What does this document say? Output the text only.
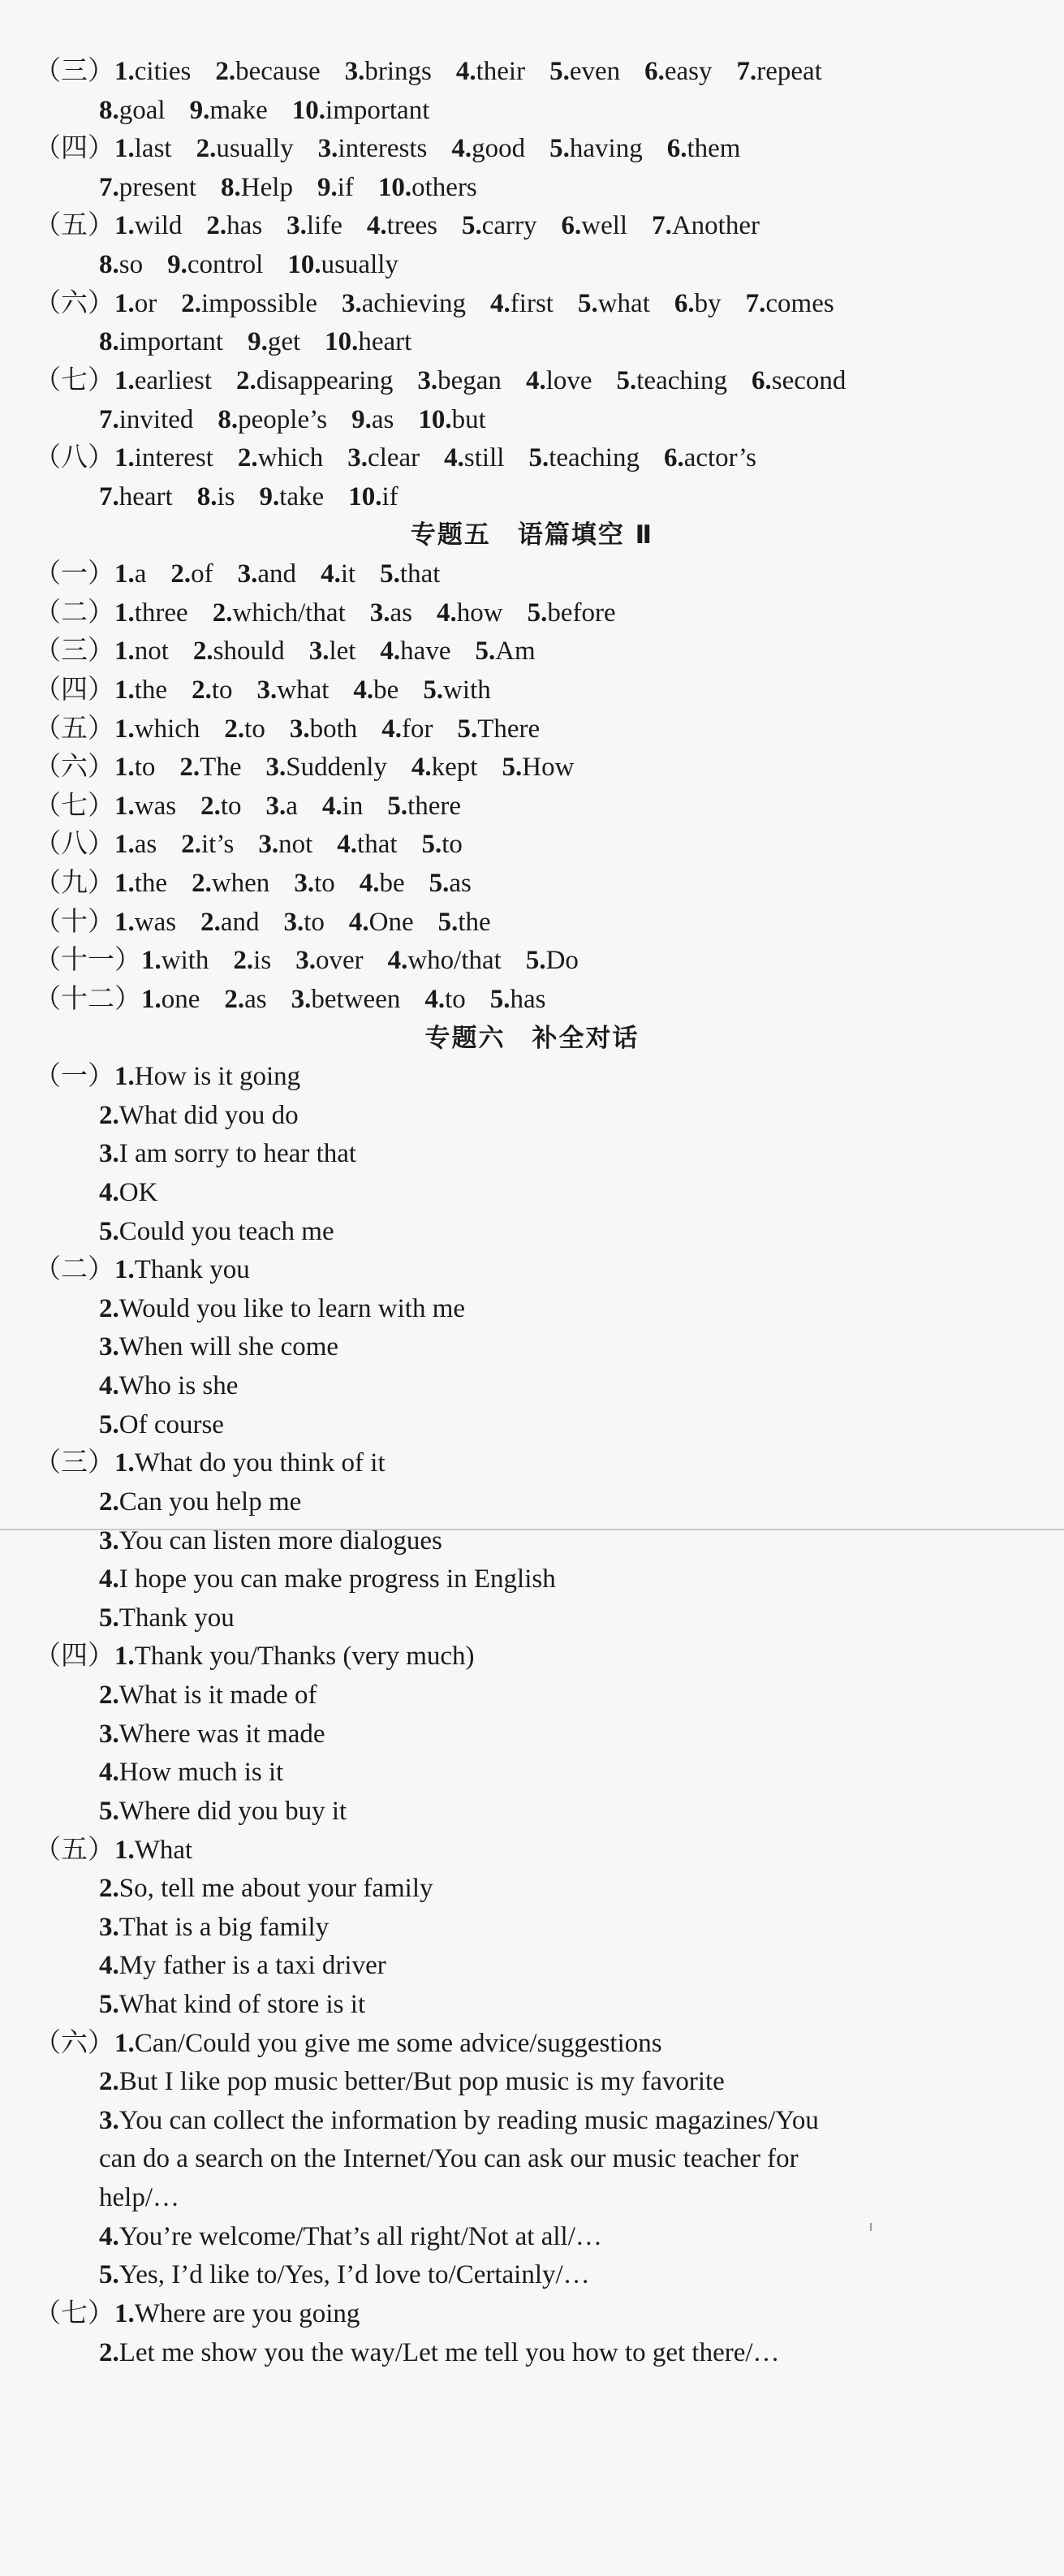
（三）1.cities 2.because 3.brings 4.their 5.even 6.easy 7.repeat
8.goal 9.make 10.important
（四）1.last 2.usually 3.interests 4.good 5.having 6.them
7.present 8.Help 9.if 10.others
（五）1.wild 2.has 3.life 4.trees 5.carry 6.well 7.Another
8.so 9.control 10.usually
（六）1.or 2.impossible 3.achieving 4.first 5.what 6.by 7.comes
8.important 9.get 10.heart
（七）1.earliest 2.disappearing 3.began 4.love 5.teaching 6.second
7.invited 8.people’s 9.as 10.but
（八）1.interest 2.which 3.clear 4.still 5.teaching 6.actor’s
7.heart 8.is 9.take 10.if
专题五　语篇填空 Ⅱ
（一）1.a 2.of 3.and 4.it 5.that
（二）1.three 2.which/that 3.as 4.how 5.before
（三）1.not 2.should 3.let 4.have 5.Am
（四）1.the 2.to 3.what 4.be 5.with
（五）1.which 2.to 3.both 4.for 5.There
（六）1.to 2.The 3.Suddenly 4.kept 5.How
（七）1.was 2.to 3.a 4.in 5.there
（八）1.as 2.it’s 3.not 4.that 5.to
（九）1.the 2.when 3.to 4.be 5.as
（十）1.was 2.and 3.to 4.One 5.the
（十一）1.with 2.is 3.over 4.who/that 5.Do
（十二）1.one 2.as 3.between 4.to 5.has
专题六　补全对话
（一）1.How is it going
2.What did you do
3.I am sorry to hear that
4.OK
5.Could you teach me
（二）1.Thank you
2.Would you like to learn with me
3.When will she come
4.Who is she
5.Of course
（三）1.What do you think of it
2.Can you help me
3.You can listen more dialogues
4.I hope you can make progress in English
5.Thank you
（四）1.Thank you/Thanks (very much)
2.What is it made of
3.Where was it made
4.How much is it
5.Where did you buy it
（五）1.What
2.So, tell me about your family
3.That is a big family
4.My father is a taxi driver
5.What kind of store is it
（六）1.Can/Could you give me some advice/suggestions
2.But I like pop music better/But pop music is my favorite
3.You can collect the information by reading music magazines/You
can do a search on the Internet/You can ask our music teacher for
help/…
4.You’re welcome/That’s all right/Not at all/…
5.Yes, I’d like to/Yes, I’d love to/Certainly/…
（七）1.Where are you going
2.Let me show you the way/Let me tell you how to get there/…
